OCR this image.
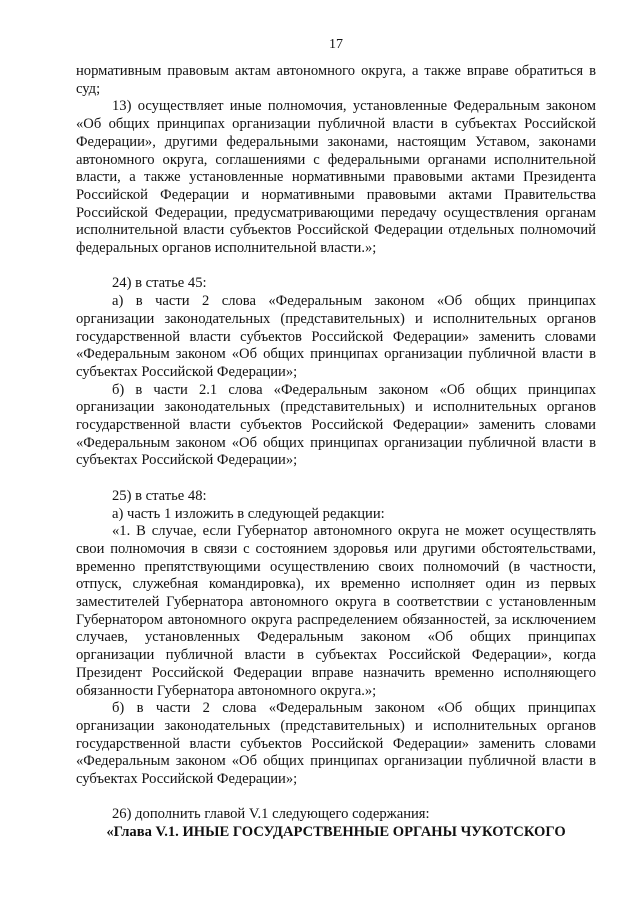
17

нормативным правовым актам автономного округа, а также вправе обратиться в суд;

13) осуществляет иные полномочия, установленные Федеральным законом «Об общих принципах организации публичной власти в субъектах Российской Федерации», другими федеральными законами, настоящим Уставом, законами автономного округа, соглашениями с федеральными органами исполнительной власти, а также установленные нормативными правовыми актами Президента Российской Федерации и нормативными правовыми актами Правительства Российской Федерации, предусматривающими передачу осуществления органам исполнительной власти субъектов Российской Федерации отдельных полномочий федеральных органов исполнительной власти.»;

24) в статье 45:

а) в части 2 слова «Федеральным законом «Об общих принципах организации законодательных (представительных) и исполнительных органов государственной власти субъектов Российской Федерации» заменить словами «Федеральным законом «Об общих принципах организации публичной власти в субъектах Российской Федерации»;

б) в части 2.1 слова «Федеральным законом «Об общих принципах организации законодательных (представительных) и исполнительных органов государственной власти субъектов Российской Федерации» заменить словами «Федеральным законом «Об общих принципах организации публичной власти в субъектах Российской Федерации»;

25) в статье 48:

а) часть 1 изложить в следующей редакции:

«1. В случае, если Губернатор автономного округа не может осуществлять свои полномочия в связи с состоянием здоровья или другими обстоятельствами, временно препятствующими осуществлению своих полномочий (в частности, отпуск, служебная командировка), их временно исполняет один из первых заместителей Губернатора автономного округа в соответствии с установленным Губернатором автономного округа распределением обязанностей, за исключением случаев, установленных Федеральным законом «Об общих принципах организации публичной власти в субъектах Российской Федерации», когда Президент Российской Федерации вправе назначить временно исполняющего обязанности Губернатора автономного округа.»;

б) в части 2 слова «Федеральным законом «Об общих принципах организации законодательных (представительных) и исполнительных органов государственной власти субъектов Российской Федерации» заменить словами «Федеральным законом «Об общих принципах организации публичной власти в субъектах Российской Федерации»;

26) дополнить главой V.1 следующего содержания:

«Глава V.1. ИНЫЕ ГОСУДАРСТВЕННЫЕ ОРГАНЫ ЧУКОТСКОГО
